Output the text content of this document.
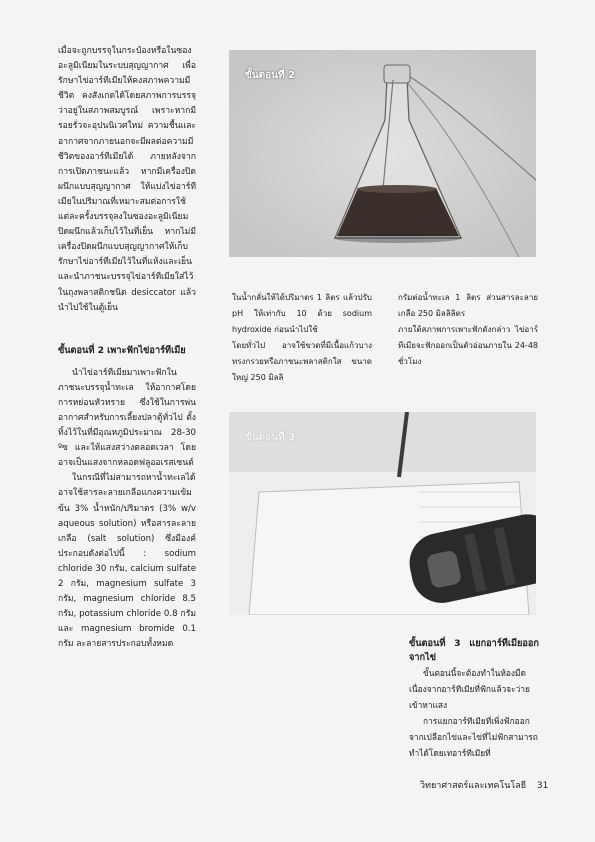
เมื่อจะถูกบรรจุในกระป๋องหรือในซองอะลูมิเนียมในระบบสุญญากาศ เพื่อรักษาไข่อาร์ทีเมียให้คงสภาพความมีชีวิต คงสังเกตได้โดยสภาพการบรรจุว่าอยู่ในสภาพสมบูรณ์ เพราะหากมีรอยรั่วจะอุปนนิเวศใหม่ ความชื้นและอากาศจากภายนอกจะมีผลต่อความมีชีวิตของอาร์ทีเมียได้ ภายหลังจากการเปิดภาชนะแล้ว หากมีเครื่องปิดผนึกแบบสุญญากาศ ให้แบ่งไข่อาร์ทีเมียในปริมาณที่เหมาะสมต่อการใช้แต่ละครั้งบรรจุลงในซองอะลูมิเนียมปิดผนึกแล้วเก็บไว้ในที่เย็น หากไม่มีเครื่องปิดผนึกแบบสุญญากาศให้เก็บรักษาไข่อาร์ทีเมียไว้ในที่แห้งและเย็น และนำภาชนะบรรจุไข่อาร์ทีเมียใส่ไว้ในถุงพลาสติกชนิด desiccator แล้วนำไปใช้ในตู้เย็น

ขั้นตอนที่ 2 เพาะฟักไข่อาร์ทีเมีย

นำไข่อาร์ทีเมียมาเพาะฟักในภาชนะบรรจุน้ำทะเล ให้อากาศโดยการหย่อนหัวทราย ซึ่งใช้ในการพ่นอากาศสำหรับการเลี้ยงปลาตู้ทั่วไป ตั้งทิ้งไว้ในที่มีอุณหภูมิประมาณ 28-30 ºซ และให้แสงสว่างตลอดเวลา โดยอาจเป็นแสงจากหลอดฟลูออเรสเซนต์

ในกรณีที่ไม่สามารถหาน้ำทะเลได้อาจใช้สารละลายเกลือแกงความเข้มข้น 3% น้ำหนัก/ปริมาตร (3% w/v aqueous solution) หรือสารละลายเกลือ (salt solution) ซึ่งมีองค์ประกอบดังต่อไปนี้ : sodium chloride 30 กรัม, calcium sulfate 2 กรัม, magnesium sulfate 3 กรัม, magnesium chloride 8.5 กรัม, potassium chloride 0.8 กรัม และ magnesium bromide 0.1 กรัม ละลายสารประกอบทั้งหมด

ขั้นตอนที่ 2
ในน้ำกลั่นให้ได้ปริมาตร 1 ลิตร แล้วปรับ pH ให้เท่ากับ 10 ด้วย sodium hydroxide ก่อนนำไปใช้
โดยทั่วไป อาจใช้ขวดที่มีเนื้อแก้วบาง ทรงกรวยหรือภาชนะพลาสติกใส ขนาดใหญ่ 250 มิลลิ
กรัมต่อน้ำทะเล 1 ลิตร ส่วนสารละลายเกลือ 250 มิลลิลิตร
ภายใต้สภาพการเพาะฟักดังกล่าว ไข่อาร์ทีเมียจะฟักออกเป็นตัวอ่อนภายใน 24-48 ชั่วโมง
ขั้นตอนที่ 3

ขั้นตอนที่ 3 แยกอาร์ทีเมียออกจากไข่

ขั้นตอนนี้จะต้องทำในห้องมืด เนื่องจากอาร์ทีเมียที่ฟักแล้วจะว่ายเข้าหาแสง

การแยกอาร์ทีเมียที่เพิ่งฟักออกจากเปลือกไข่และไข่ที่ไม่ฟักสามารถทำได้โดยเทอาร์ทีเมียที่

วิทยาศาสตร์และเทคโนโลยี 31
